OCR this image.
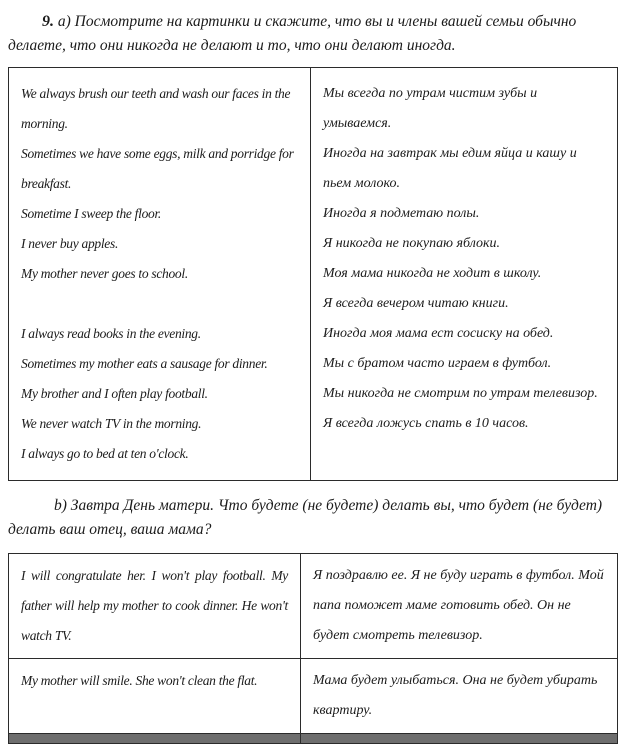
9. а) Посмотрите на картинки и скажите, что вы и члены вашей семьи обычно делаете, что они никогда не делают и то, что они делают иногда.

We always brush our teeth and wash our faces in the morning.

Sometimes we have some eggs, milk and porridge for breakfast.

Sometime I sweep the floor.

I never buy apples.

My mother never goes to school.

I always read books in the evening.

Sometimes my mother eats a sausage for dinner.

My brother and I often play football.

We never watch TV in the morning.

I always go to bed at ten o'clock.

Мы всегда по утрам чистим зубы и умываемся.

Иногда на завтрак мы едим яйца и кашу и пьем молоко.

Иногда я подметаю полы.

Я никогда не покупаю яблоки.

Моя мама никогда не ходит в школу.

Я всегда вечером читаю книги.

Иногда моя мама ест сосиску на обед.

Мы с братом часто играем в футбол.

Мы никогда не смотрим по утрам телевизор.

Я всегда ложусь спать в 10 часов.

b) Завтра День матери. Что будете (не будете) делать вы, что будет (не будет) делать ваш отец, ваша мама?

I will congratulate her. I won't play football. My father will help my mother to cook dinner. He won't watch TV.
Я поздравлю ее. Я не буду играть в футбол. Мой папа поможет маме готовить обед. Он не будет смотреть телевизор.
My mother will smile. She won't clean the flat.	Мама будет улыбаться. Она не будет убирать квартиру.
